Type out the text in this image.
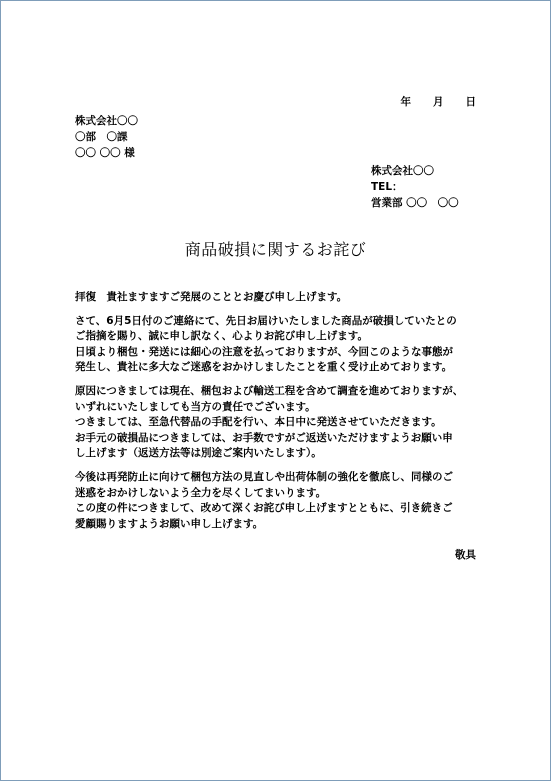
年 月 日
株式会社〇〇
〇部　〇課
〇〇 〇〇 様
株式会社〇〇
TEL：
営業部 〇〇　〇〇
商品破損に関するお詫び
拝復　貴社ますますご発展のこととお慶び申し上げます。
さて、6月5日付のご連絡にて、先日お届けいたしました商品が破損していたとの
ご指摘を賜り、誠に申し訳なく、心よりお詫び申し上げます。
日頃より梱包・発送には細心の注意を払っておりますが、今回このような事態が
発生し、貴社に多大なご迷惑をおかけしましたことを重く受け止めております。
原因につきましては現在、梱包および輸送工程を含めて調査を進めておりますが、
いずれにいたしましても当方の責任でございます。
つきましては、至急代替品の手配を行い、本日中に発送させていただきます。
お手元の破損品につきましては、お手数ですがご返送いただけますようお願い申
し上げます（返送方法等は別途ご案内いたします）。
今後は再発防止に向けて梱包方法の見直しや出荷体制の強化を徹底し、同様のご
迷惑をおかけしないよう全力を尽くしてまいります。
この度の件につきまして、改めて深くお詫び申し上げますとともに、引き続きご
愛顧賜りますようお願い申し上げます。
敬具
